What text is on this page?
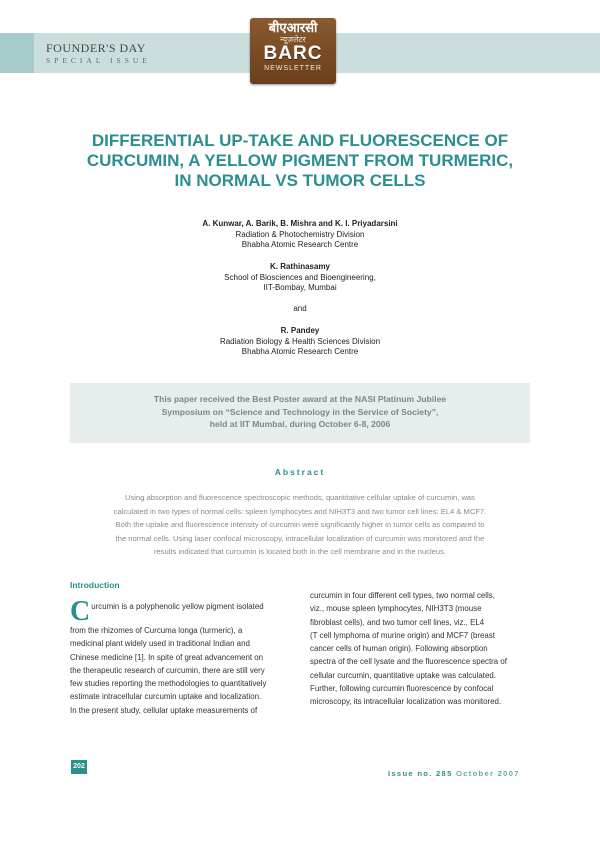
FOUNDER'S DAY
SPECIAL ISSUE
बीएआरसी
न्यूज़लेटर
BARC
NEWSLETTER
DIFFERENTIAL UP-TAKE AND FLUORESCENCE OF
CURCUMIN, A YELLOW PIGMENT FROM TURMERIC,
IN NORMAL VS TUMOR CELLS
A. Kunwar, A. Barik, B. Mishra and K. I. Priyadarsini
Radiation & Photochemistry Division
Bhabha Atomic Research Centre
K. Rathinasamy
School of Biosciences and Bioengineering,
IIT-Bombay, Mumbai
and
R. Pandey
Radiation Biology & Health Sciences Division
Bhabha Atomic Research Centre
This paper received the Best Poster award at the NASI Platinum Jubilee
Symposium on “Science and Technology in the Service of Society”,
held at IIT Mumbai, during October 6-8, 2006
Abstract
Using absorption and fluorescence spectroscopic methods, quantitative cellular uptake of curcumin, was
calculated in two types of normal cells: spleen lymphocytes and NIH3T3 and two tumor cell lines: EL4 & MCF7.
Both the uptake and fluorescence intensity of curcumin were significantly higher in tumor cells as compared to
the normal cells. Using laser confocal microscopy, intracellular localization of curcumin was monitored and the
results indicated that curcumin is located both in the cell membrane and in the nucleus.
Introduction
Curcumin is a polyphenolic yellow pigment isolated
from the rhizomes of Curcuma longa (turmeric), a
medicinal plant widely used in traditional Indian and
Chinese medicine [1]. In spite of great advancement on
the therapeutic research of curcumin, there are still very
few studies reporting the methodologies to quantitatively
estimate intracellular curcumin uptake and localization.
In the present study, cellular uptake measurements of
curcumin in four different cell types, two normal cells,
viz., mouse spleen lymphocytes, NIH3T3 (mouse
fibroblast cells), and two tumor cell lines, viz., EL4
(T cell lymphoma of murine origin) and MCF7 (breast
cancer cells of human origin). Following absorption
spectra of the cell lysate and the fluorescence spectra of
cellular curcumin, quantitative uptake was calculated.
Further, following curcumin fluorescence by confocal
microscopy, its intracellular localization was monitored.
202
Issue no. 285 October 2007
